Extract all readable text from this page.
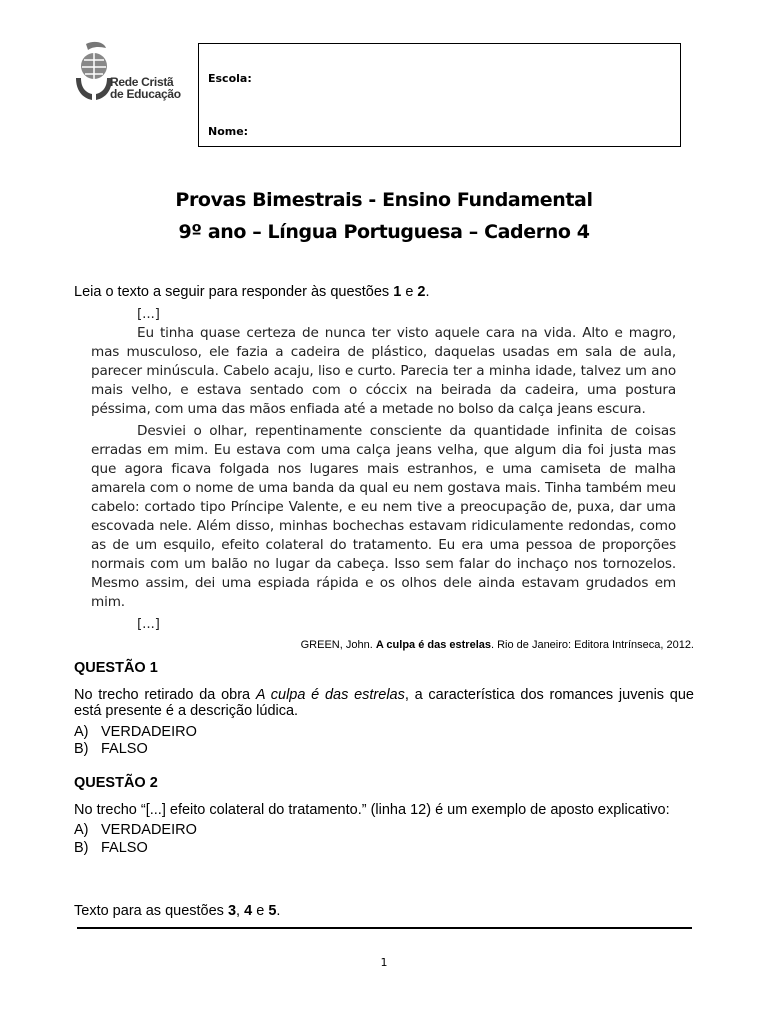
Rede Cristã
de Educação
Escola:
Nome:
Provas Bimestrais - Ensino Fundamental
9º ano – Língua Portuguesa – Caderno 4
Leia o texto a seguir para responder às questões 1 e 2.

[...]

Eu tinha quase certeza de nunca ter visto aquele cara na vida. Alto e magro, mas musculoso, ele fazia a cadeira de plástico, daquelas usadas em sala de aula, parecer minúscula. Cabelo acaju, liso e curto. Parecia ter a minha idade, talvez um ano mais velho, e estava sentado com o cóccix na beirada da cadeira, uma postura péssima, com uma das mãos enfiada até a metade no bolso da calça jeans escura.

Desviei o olhar, repentinamente consciente da quantidade infinita de coisas erradas em mim. Eu estava com uma calça jeans velha, que algum dia foi justa mas que agora ficava folgada nos lugares mais estranhos, e uma camiseta de malha amarela com o nome de uma banda da qual eu nem gostava mais. Tinha também meu cabelo: cortado tipo Príncipe Valente, e eu nem tive a preocupação de, puxa, dar uma escovada nele. Além disso, minhas bochechas estavam ridiculamente redondas, como as de um esquilo, efeito colateral do tratamento. Eu era uma pessoa de proporções normais com um balão no lugar da cabeça. Isso sem falar do inchaço nos tornozelos. Mesmo assim, dei uma espiada rápida e os olhos dele ainda estavam grudados em mim.

[...]

GREEN, John. A culpa é das estrelas. Rio de Janeiro: Editora Intrínseca, 2012.
QUESTÃO 1

No trecho retirado da obra A culpa é das estrelas, a característica dos romances juvenis que está presente é a descrição lúdica.

A) VERDADEIRO

B) FALSO

QUESTÃO 2

No trecho “[...] efeito colateral do tratamento.” (linha 12) é um exemplo de aposto explicativo:

A) VERDADEIRO

B) FALSO

Texto para as questões 3, 4 e 5.
1
